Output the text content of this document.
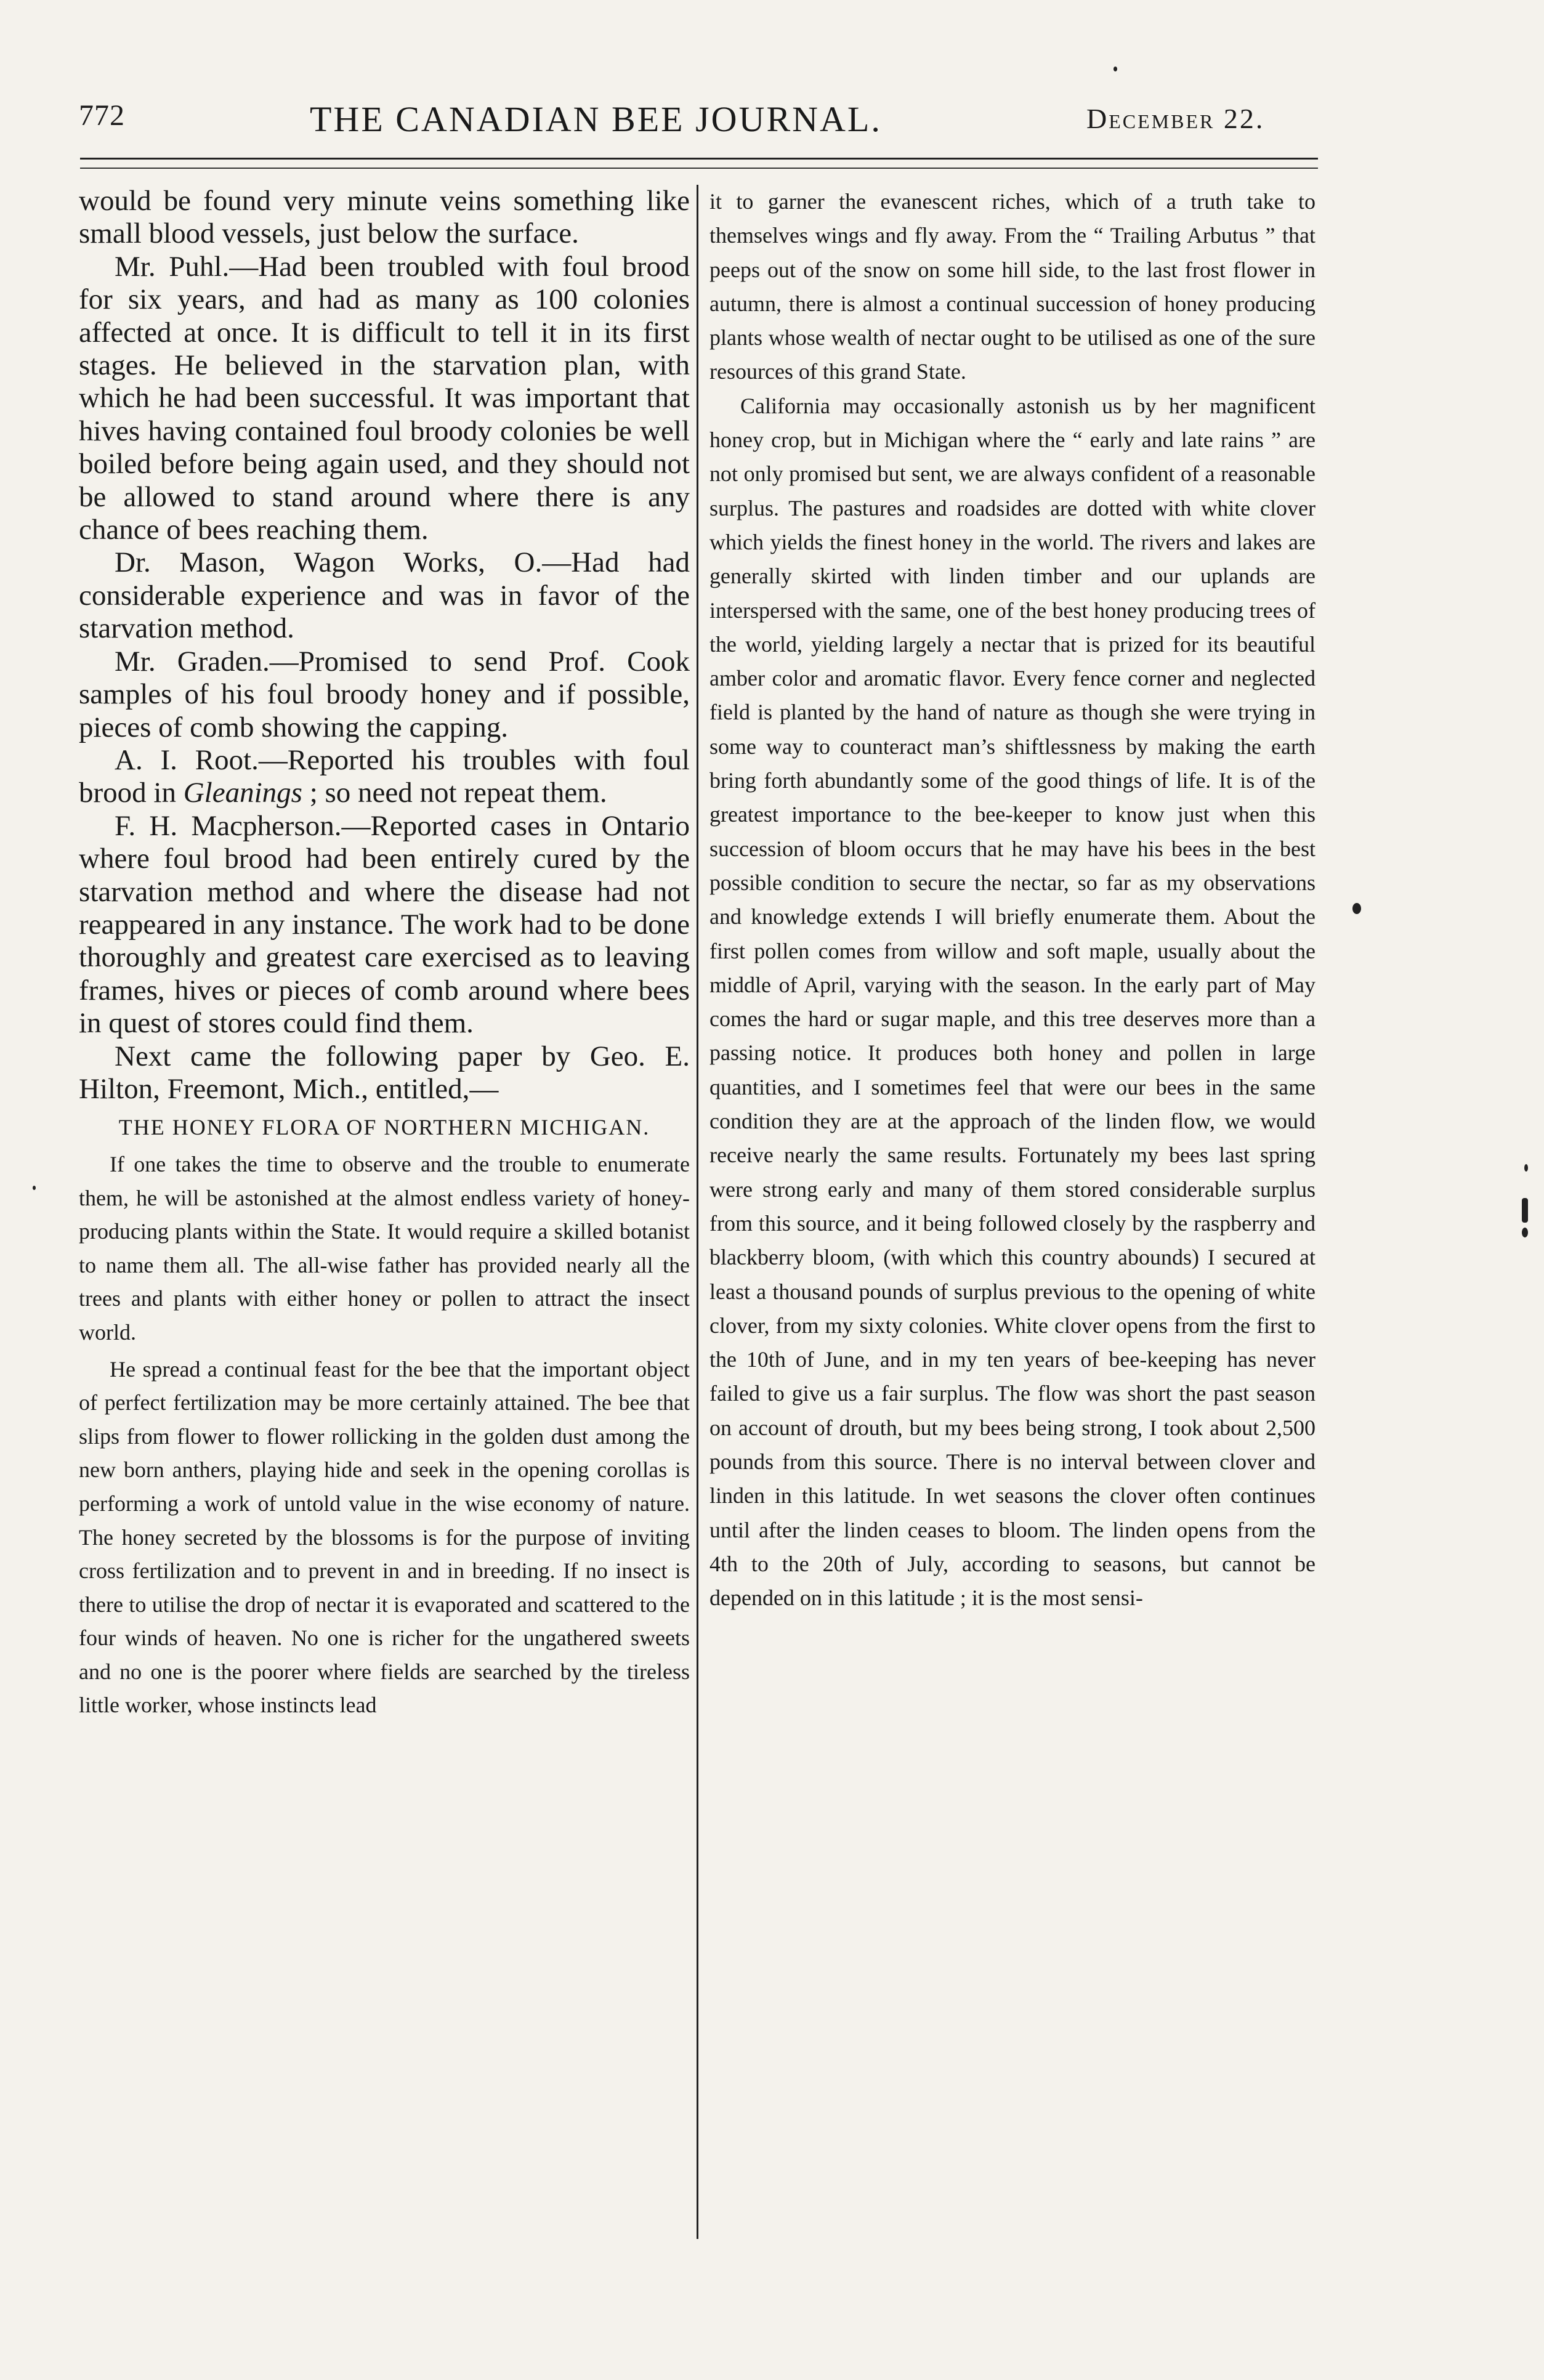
772	THE CANADIAN BEE JOURNAL.	December 22.

would be found very minute veins something like small blood vessels, just below the surface.

Mr. Puhl.—Had been troubled with foul brood for six years, and had as many as 100 colonies affected at once. It is difficult to tell it in its first stages. He believed in the starvation plan, with which he had been successful. It was important that hives having contained foul broody colonies be well boiled before being again used, and they should not be allowed to stand around where there is any chance of bees reaching them.

Dr. Mason, Wagon Works, O.—Had had considerable experience and was in favor of the starvation method.

Mr. Graden.—Promised to send Prof. Cook samples of his foul broody honey and if possible, pieces of comb showing the capping.

A. I. Root.—Reported his troubles with foul brood in Gleanings ; so need not repeat them.

F. H. Macpherson.—Reported cases in Ontario where foul brood had been entirely cured by the starvation method and where the disease had not reappeared in any instance. The work had to be done thoroughly and greatest care exercised as to leaving frames, hives or pieces of comb around where bees in quest of stores could find them.

Next came the following paper by Geo. E. Hilton, Freemont, Mich., entitled,—

THE HONEY FLORA OF NORTHERN MICHIGAN.

If one takes the time to observe and the trouble to enumerate them, he will be astonished at the almost endless variety of honey-producing plants within the State. It would require a skilled botanist to name them all. The all-wise father has provided nearly all the trees and plants with either honey or pollen to attract the insect world.

He spread a continual feast for the bee that the important object of perfect fertilization may be more certainly attained. The bee that slips from flower to flower rollicking in the golden dust among the new born anthers, playing hide and seek in the opening corollas is performing a work of untold value in the wise economy of nature. The honey secreted by the blossoms is for the purpose of inviting cross fertilization and to prevent in and in breeding. If no insect is there to utilise the drop of nectar it is evaporated and scattered to the four winds of heaven. No one is richer for the ungathered sweets and no one is the poorer where fields are searched by the tireless little worker, whose instincts lead

it to garner the evanescent riches, which of a truth take to themselves wings and fly away. From the “ Trailing Arbutus ” that peeps out of the snow on some hill side, to the last frost flower in autumn, there is almost a continual succession of honey producing plants whose wealth of nectar ought to be utilised as one of the sure resources of this grand State.

California may occasionally astonish us by her magnificent honey crop, but in Michigan where the “ early and late rains ” are not only promised but sent, we are always confident of a reasonable surplus. The pastures and roadsides are dotted with white clover which yields the finest honey in the world. The rivers and lakes are generally skirted with linden timber and our uplands are interspersed with the same, one of the best honey producing trees of the world, yielding largely a nectar that is prized for its beautiful amber color and aromatic flavor. Every fence corner and neglected field is planted by the hand of nature as though she were trying in some way to counteract man’s shiftlessness by making the earth bring forth abundantly some of the good things of life. It is of the greatest importance to the bee-keeper to know just when this succession of bloom occurs that he may have his bees in the best possible condition to secure the nectar, so far as my observations and knowledge extends I will briefly enumerate them. About the first pollen comes from willow and soft maple, usually about the middle of April, varying with the season. In the early part of May comes the hard or sugar maple, and this tree deserves more than a passing notice. It produces both honey and pollen in large quantities, and I sometimes feel that were our bees in the same condition they are at the approach of the linden flow, we would receive nearly the same results. Fortunately my bees last spring were strong early and many of them stored considerable surplus from this source, and it being followed closely by the raspberry and blackberry bloom, (with which this country abounds) I secured at least a thousand pounds of surplus previous to the opening of white clover, from my sixty colonies. White clover opens from the first to the 10th of June, and in my ten years of bee-keeping has never failed to give us a fair surplus. The flow was short the past season on account of drouth, but my bees being strong, I took about 2,500 pounds from this source. There is no interval between clover and linden in this latitude. In wet seasons the clover often continues until after the linden ceases to bloom. The linden opens from the 4th to the 20th of July, according to seasons, but cannot be depended on in this latitude ; it is the most sensi-
